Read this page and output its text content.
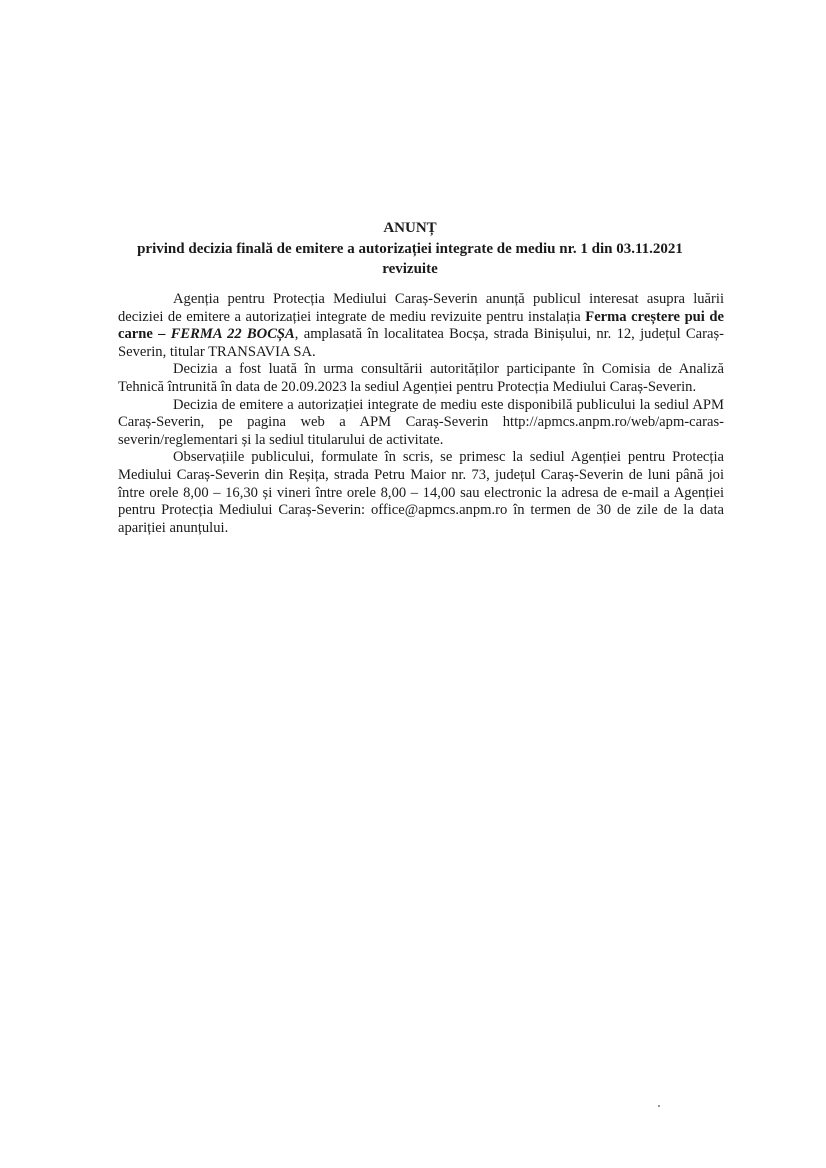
ANUNȚ
privind decizia finală de emitere a autorizației integrate de mediu nr. 1 din 03.11.2021
revizuite

Agenția pentru Protecția Mediului Caraș-Severin anunță publicul interesat asupra luării deciziei de emitere a autorizației integrate de mediu revizuite pentru instalația Ferma creștere pui de carne – FERMA 22 BOCȘA, amplasată în localitatea Bocșa, strada Binișului, nr. 12, județul Caraș-Severin, titular TRANSAVIA SA.

Decizia a fost luată în urma consultării autorităților participante în Comisia de Analiză Tehnică întrunită în data de 20.09.2023 la sediul Agenției pentru Protecția Mediului Caraș-Severin.

Decizia de emitere a autorizației integrate de mediu este disponibilă publicului la sediul APM Caraș-Severin, pe pagina web a APM Caraș-Severin http://apmcs.anpm.ro/web/apm-caras-severin/reglementari și la sediul titularului de activitate.

Observațiile publicului, formulate în scris, se primesc la sediul Agenției pentru Protecția Mediului Caraș-Severin din Reșița, strada Petru Maior nr. 73, județul Caraș-Severin de luni până joi între orele 8,00 – 16,30 și vineri între orele 8,00 – 14,00 sau electronic la adresa de e-mail a Agenției pentru Protecția Mediului Caraș-Severin: office@apmcs.anpm.ro în termen de 30 de zile de la data apariției anunțului.
